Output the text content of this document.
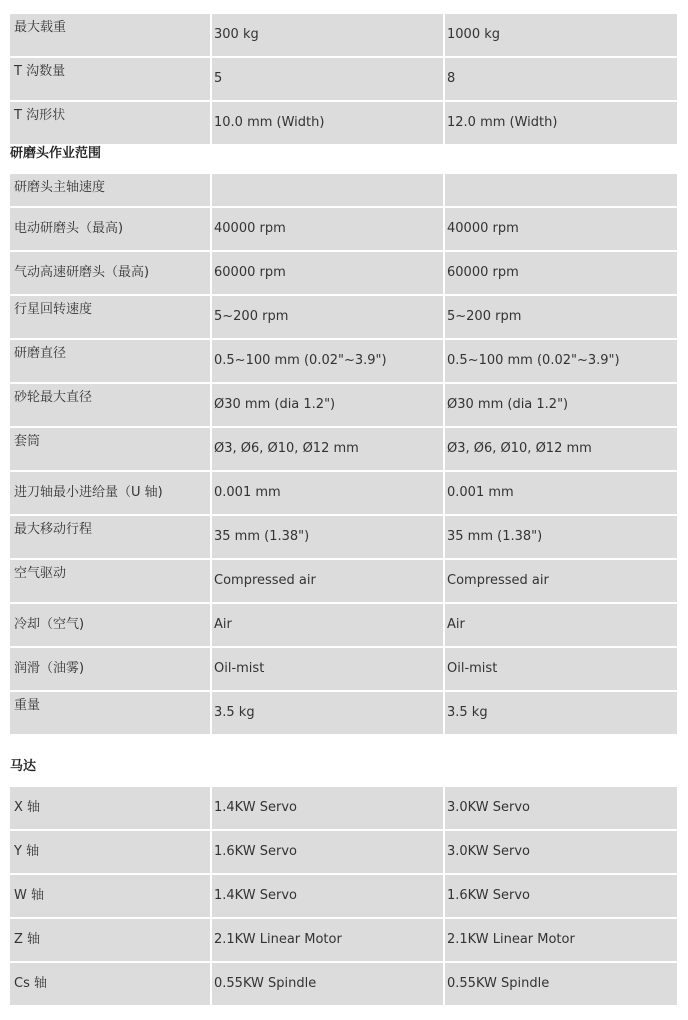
最大载重	300 kg	1000 kg
T 沟数量	5	8
T 沟形状	10.0 mm (Width)	12.0 mm (Width)
研磨头作业范围
研磨头主轴速度
电动研磨头（最高)	40000 rpm	40000 rpm
气动高速研磨头（最高)	60000 rpm	60000 rpm
行星回转速度	5~200 rpm	5~200 rpm
研磨直径	0.5~100 mm (0.02"~3.9")	0.5~100 mm (0.02"~3.9")
砂轮最大直径	Ø30 mm (dia 1.2")	Ø30 mm (dia 1.2")
套筒	Ø3, Ø6, Ø10, Ø12 mm	Ø3, Ø6, Ø10, Ø12 mm
进刀轴最小进给量（U 轴)	0.001 mm	0.001 mm
最大移动行程	35 mm (1.38")	35 mm (1.38")
空气驱动	Compressed air	Compressed air
冷却（空气)	Air	Air
润滑（油雾)	Oil-mist	Oil-mist
重量	3.5 kg	3.5 kg
马达
X 轴	1.4KW Servo	3.0KW Servo
Y 轴	1.6KW Servo	3.0KW Servo
W 轴	1.4KW Servo	1.6KW Servo
Z 轴	2.1KW Linear Motor	2.1KW Linear Motor
Cs 轴	0.55KW Spindle	0.55KW Spindle
